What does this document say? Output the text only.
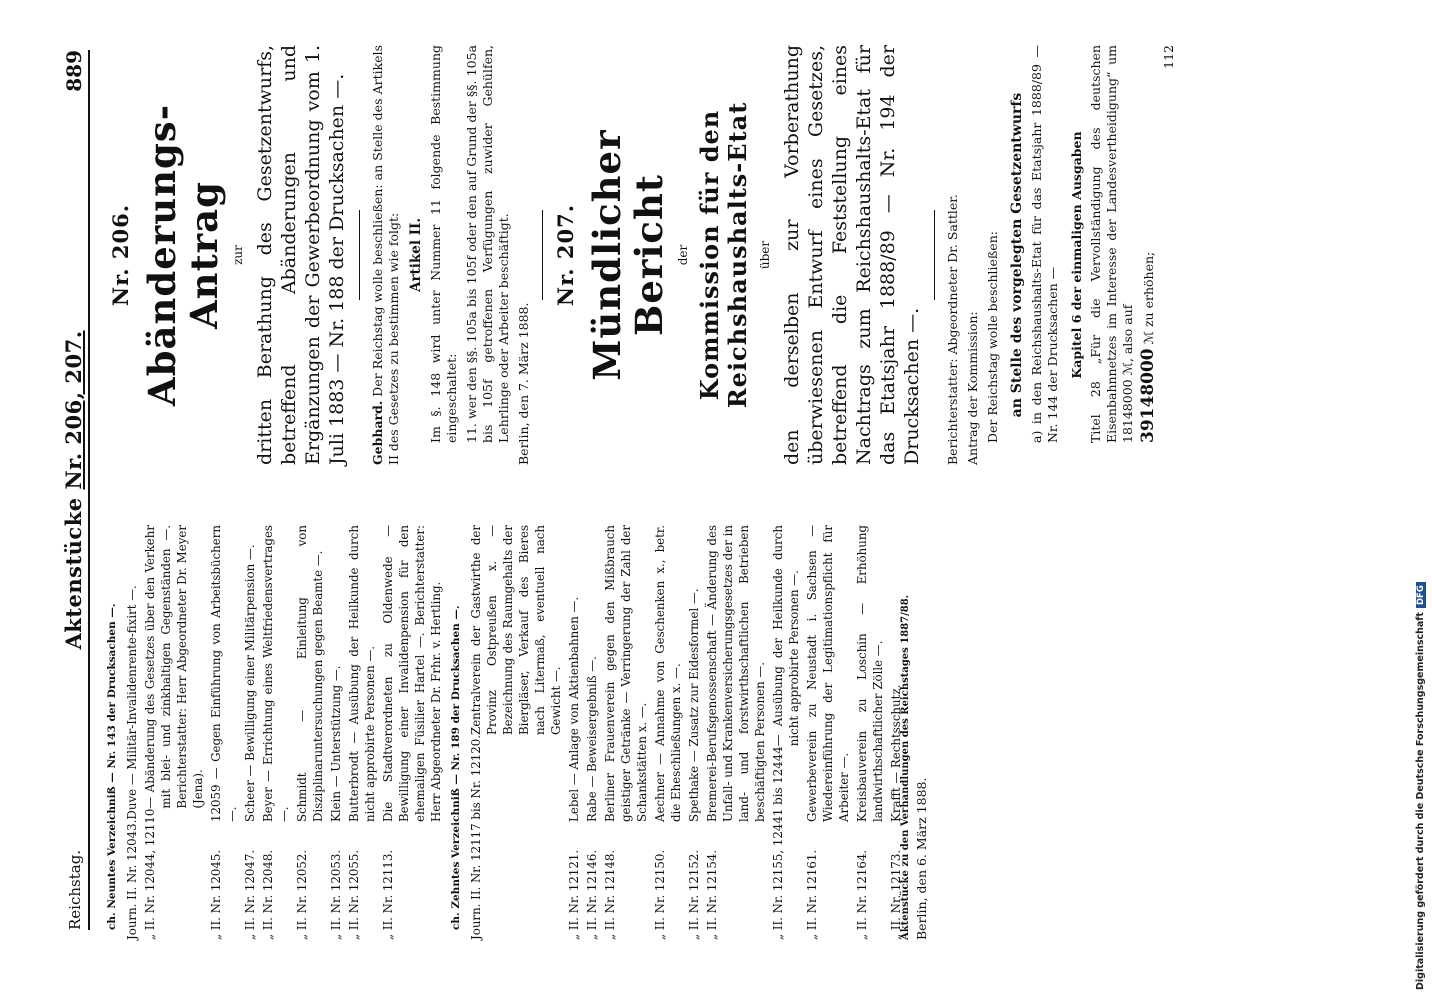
Reichstag.
Aktenstücke Nr. 206, 207.
889
ch. Neuntes Verzeichniß — Nr. 143 der Drucksachen —. Journ. II. Nr. 12043.
Duve — Militär-Invalidenrente-fixirt —.
„ II. Nr. 12044, 12110
— Abänderung des Gesetzes über den Verkehr mit blei- und zinkhaltigen Gegenständen —. Berichterstatter: Herr Abgeordneter Dr. Meyer (Jena).
„ II. Nr. 12045.
12059 — Gegen Einführung von Arbeitsbüchern —.
„ II. Nr. 12047.
Scheer — Bewilligung einer Militärpension —.
„ II. Nr. 12048.
Beyer — Errichtung eines Weltfriedensvertrages —.
„ II. Nr. 12052.
Schmidt — Einleitung von Disziplinaruntersuchungen gegen Beamte —.
„ II. Nr. 12053.
Klein — Unterstützung —.
„ II. Nr. 12055.
Butterbrodt — Ausübung der Heilkunde durch nicht approbirte Personen —.
„ II. Nr. 12113.
Die Stadtverordneten zu Oldenwede — Bewilligung einer Invalidenpension für den ehemaligen Füsilier Hartel —. Berichterstatter: Herr Abgeordneter Dr. Frhr. v. Hertling. ch. Zehntes Verzeichniß — Nr. 189 der Drucksachen —. Journ. II. Nr. 12117 bis Nr. 12120.
Zentralverein der Gastwirthe der Provinz Ostpreußen x. — Bezeichnung des Raumgehalts der Biergläser, Verkauf des Bieres nach Litermaß, eventuell nach Gewicht —.
„ II. Nr. 12121.
Lebel — Anlage von Aktienbahnen —.
„ II. Nr. 12146.
Rabe — Beweisergebniß —.
„ II. Nr. 12148.
Berliner Frauenverein gegen den Mißbrauch geistiger Getränke — Verringerung der Zahl der Schankstätten x. —.
„ II. Nr. 12150.
Aechner — Annahme von Geschenken x., betr. die Eheschließungen x. —.
„ II. Nr. 12152.
Spethake — Zusatz zur Eidesformel —.
„ II. Nr. 12154.
Bremerei-Berufsgenossenschaft — Änderung des Unfall- und Krankenversicherungsgesetzes der in land- und forstwirthschaftlichen Betrieben beschäftigten Personen —.
„ II. Nr. 12155, 12441 bis 12444
— Ausübung der Heilkunde durch nicht approbirte Personen —.
„ II. Nr. 12161.
Gewerbeverein zu Neustadt i. Sachsen — Wiedereinführung der Legitimationspflicht für Arbeiter —.
„ II. Nr. 12164.
Kreisbauverein zu Loschin — Erhöhung landwirthschaftlicher Zölle —.
„ II. Nr. 12173.
Krafft — Rechtsschutz.
Berlin, den 6. März 1888.
Aktenstücke zu den Verhandlungen des Reichstages 1887/88.
Nr. 206. Abänderungs-Antrag zur dritten Berathung des Gesetzentwurfs, betreffend Abänderungen und Ergänzungen der Gewerbeordnung vom 1. Juli 1883 — Nr. 188 der Drucksachen —. Gebhard. Der Reichstag wolle beschließen: an Stelle des Artikels II des Gesetzes zu bestimmen wie folgt: Artikel II. Im §. 148 wird unter Nummer 11 folgende Bestimmung eingeschaltet: 11. wer den §§. 105a bis 105f oder den auf Grund der §§. 105a bis 105f getroffenen Verfügungen zuwider Gehülfen, Lehrlinge oder Arbeiter beschäftigt. Berlin, den 7. März 1888.
Nr. 207. Mündlicher Bericht der Kommission für den Reichshaushalts-Etat über den derselben zur Vorberathung überwiesenen Entwurf eines Gesetzes, betreffend die Feststellung eines Nachtrags zum Reichshaushalts-Etat für das Etatsjahr 1888/89 — Nr. 194 der Drucksachen —. Berichterstatter: Abgeordneter Dr. Sattler. Antrag der Kommission: Der Reichstag wolle beschließen: an Stelle des vorgelegten Gesetzentwurfs a) in den Reichshaushalts-Etat für das Etatsjahr 1888/89 — Nr. 144 der Drucksachen — Kapitel 6 der einmaligen Ausgaben Titel 28 „Für die Vervollständigung des deutschen Eisenbahnnetzes im Interesse der Landesvertheidigung“ um 18148000 ℳ, also auf 39148000 ℳ zu erhöhen;
112
Digitalisierung gefördert durch die Deutsche ForschungsgemeinschaftDFG
